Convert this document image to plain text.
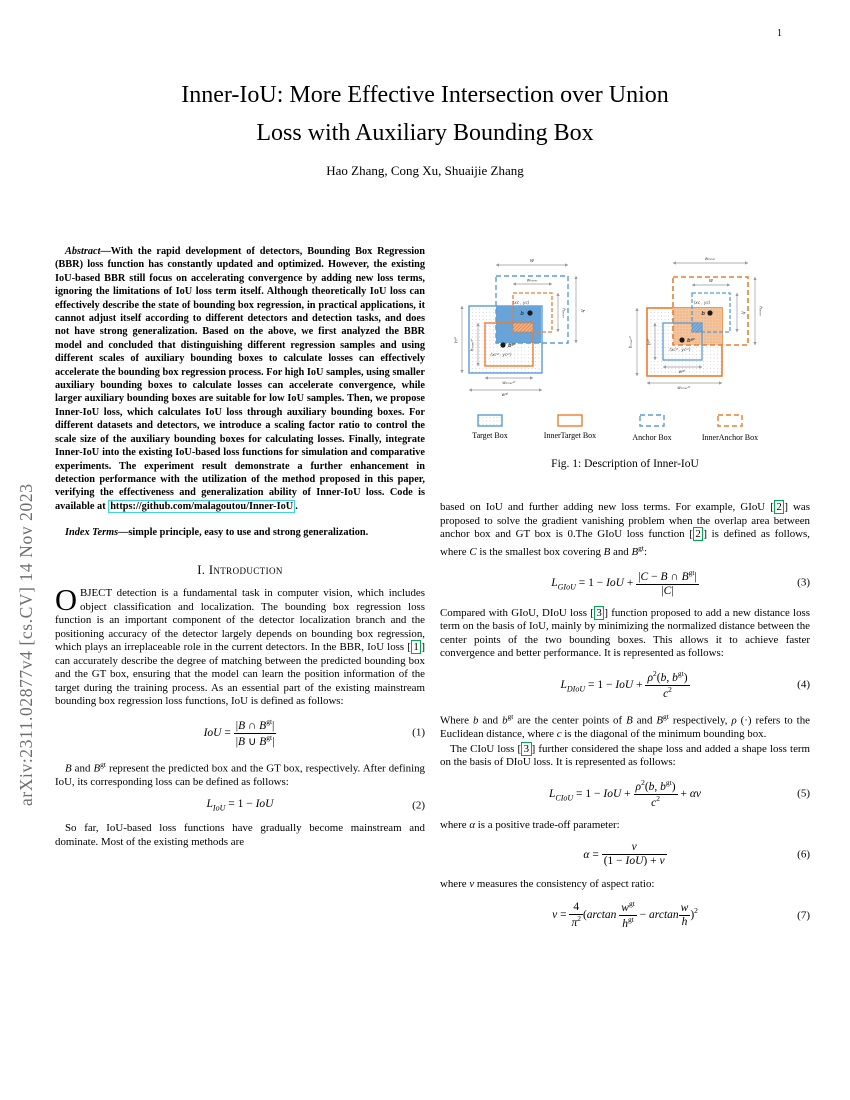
arXiv:2311.02877v4 [cs.CV] 14 Nov 2023
1
Inner-IoU: More Effective Intersection over Union
Loss with Auxiliary Bounding Box
Hao Zhang, Cong Xu, Shuaijie Zhang

Abstract—With the rapid development of detectors, Bounding Box Regression (BBR) loss function has constantly updated and optimized. However, the existing IoU-based BBR still focus on accelerating convergence by adding new loss terms, ignoring the limitations of IoU loss term itself. Although theoretically IoU loss can effectively describe the state of bounding box regression, in practical applications, it cannot adjust itself according to different detectors and detection tasks, and does not have strong generalization. Based on the above, we first analyzed the BBR model and concluded that distinguishing different regression samples and using different scales of auxiliary bounding boxes to calculate losses can effectively accelerate the bounding box regression process. For high IoU samples, using smaller auxiliary bounding boxes to calculate losses can accelerate convergence, while larger auxiliary bounding boxes are suitable for low IoU samples. Then, we propose Inner-IoU loss, which calculates IoU loss through auxiliary bounding boxes. For different datasets and detectors, we introduce a scaling factor ratio to control the scale size of the auxiliary bounding boxes for calculating losses. Finally, integrate Inner-IoU into the existing IoU-based loss functions for simulation and comparative experiments. The experiment result demonstrate a further enhancement in detection performance with the utilization of the method proposed in this paper, verifying the effectiveness and generalization ability of Inner-IoU loss. Code is available at https://github.com/malagoutou/Inner-IoU .

Index Terms—simple principle, easy to use and strong generalization.

I. Introduction

OBJECT detection is a fundamental task in computer vision, which includes object classification and localization. The bounding box regression loss function is an important component of the detector localization branch and the positioning accuracy of the detector largely depends on bounding box regression, which plays an irreplaceable role in the current detectors. In the BBR, IoU loss [ 1 ] can accurately describe the degree of matching between the predicted bounding box and the GT box, ensuring that the model can learn the position information of the target during the training process. As an essential part of the existing mainstream bounding box regression loss functions, IoU is defined as follows:

IoU = $\frac{|B \cap B^{gt}|}{|B \cup B^{gt}|}$	(1)

B and $B^{gt}$ represent the predicted box and the GT box, respectively. After defining IoU, its corresponding loss can be defined as follows:

$L_{IoU} = 1$ − IoU	(2)

So far, IoU-based loss functions have gradually become mainstream and dominate. Most of the existing methods are

(xc , yc)
b
bᵍᵗ
(xcᵍᵗ, ycᵍᵗ)
w
wᵢₙₙₑᵣ
h
hᵢₙₙₑᵣ
hᵍᵗ hᵢₙₙₑᵣᵍᵗ
wᵢₙₙₑᵣᵍᵗ
wᵍᵗ
(xc , yc)
b
bᵍᵗ
(xcᵍᵗ, ycᵍᵗ)
wᵢₙₙₑᵣ
w
h	hᵢₙₙₑᵣ
hᵢₙₙₑᵣᵍᵗ	hᵍᵗ
wᵍᵗ
wᵢₙₙₑᵣᵍᵗ
Target Box	InnerTarget Box	Anchor Box	InnerAnchor Box
Fig. 1: Description of Inner-IoU

based on IoU and further adding new loss terms. For example, GIoU [ 2 ] was proposed to solve the gradient vanishing problem when the overlap area between anchor box and GT box is 0.The GIoU loss function [ 2 ] is defined as follows, where C is the smallest box covering B and $B^{gt}$:

$L_{GIoU} = 1$ − IoU + $\frac{|C - B \cap B^{gt}|}{|C|}$	(3)

Compared with GIoU, DIoU loss [ 3 ] function proposed to add a new distance loss term on the basis of IoU, mainly by minimizing the normalized distance between the center points of the two bounding boxes. This allows it to achieve faster convergence and better performance. It is represented as follows:

$L_{DIoU} = 1$ − IoU + $\frac{\rho^2(b, b^{gt})}{c^2}$	(4)

Where b and $b^{gt}$ are the center points of B and $B^{gt}$ respectively, ρ (·) refers to the Euclidean distance, where c is the diagonal of the minimum bounding box.

The CIoU loss [ 3 ] further considered the shape loss and added a shape loss term on the basis of DIoU loss. It is represented as follows:

$L_{CIoU} = 1$ − IoU + $\frac{\rho^2(b, b^{gt})}{c^2} + \alpha v$	(5)

where α is a positive trade-off parameter:

$\alpha = \frac{v}{\text{(1 − IoU) + v}}$	(6)

where v measures the consistency of aspect ratio:

$v = \frac{4}{\pi^2} (\arctan \frac{w^{gt}}{h^{gt}} - \arctan \frac{w}{h} )^2$	(7)
